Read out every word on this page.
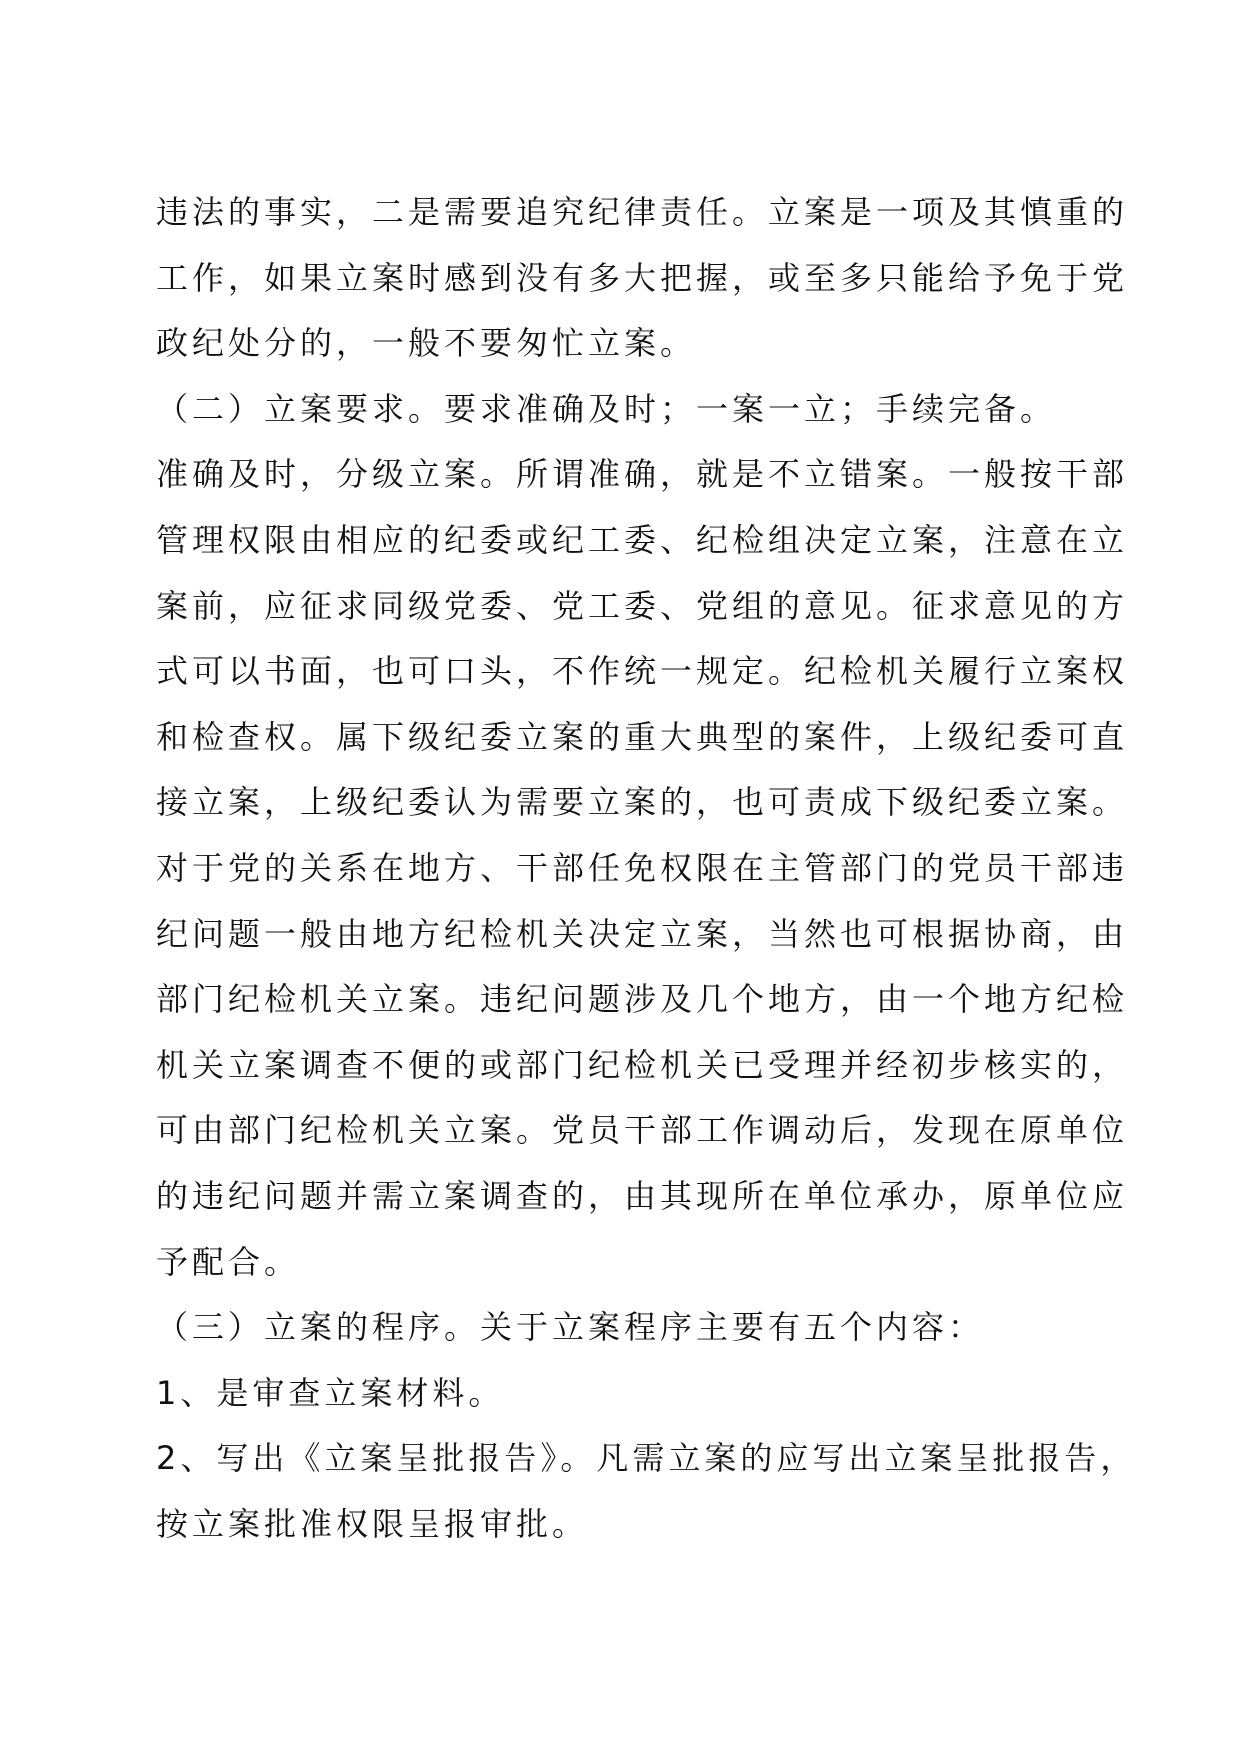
违法的事实，二是需要追究纪律责任。立案是一项及其慎重的

工作，如果立案时感到没有多大把握，或至多只能给予免于党

政纪处分的，一般不要匆忙立案。

（二）立案要求。要求准确及时；一案一立；手续完备。

准确及时，分级立案。所谓准确，就是不立错案。一般按干部

管理权限由相应的纪委或纪工委、纪检组决定立案，注意在立

案前，应征求同级党委、党工委、党组的意见。征求意见的方

式可以书面，也可口头，不作统一规定。纪检机关履行立案权

和检查权。属下级纪委立案的重大典型的案件，上级纪委可直

接立案，上级纪委认为需要立案的，也可责成下级纪委立案。

对于党的关系在地方、干部任免权限在主管部门的党员干部违

纪问题一般由地方纪检机关决定立案，当然也可根据协商，由

部门纪检机关立案。违纪问题涉及几个地方，由一个地方纪检

机关立案调查不便的或部门纪检机关已受理并经初步核实的，

可由部门纪检机关立案。党员干部工作调动后，发现在原单位

的违纪问题并需立案调查的，由其现所在单位承办，原单位应

予配合。

（三）立案的程序。关于立案程序主要有五个内容：

1、是审查立案材料。

2、写出《立案呈批报告》。凡需立案的应写出立案呈批报告，

按立案批准权限呈报审批。
